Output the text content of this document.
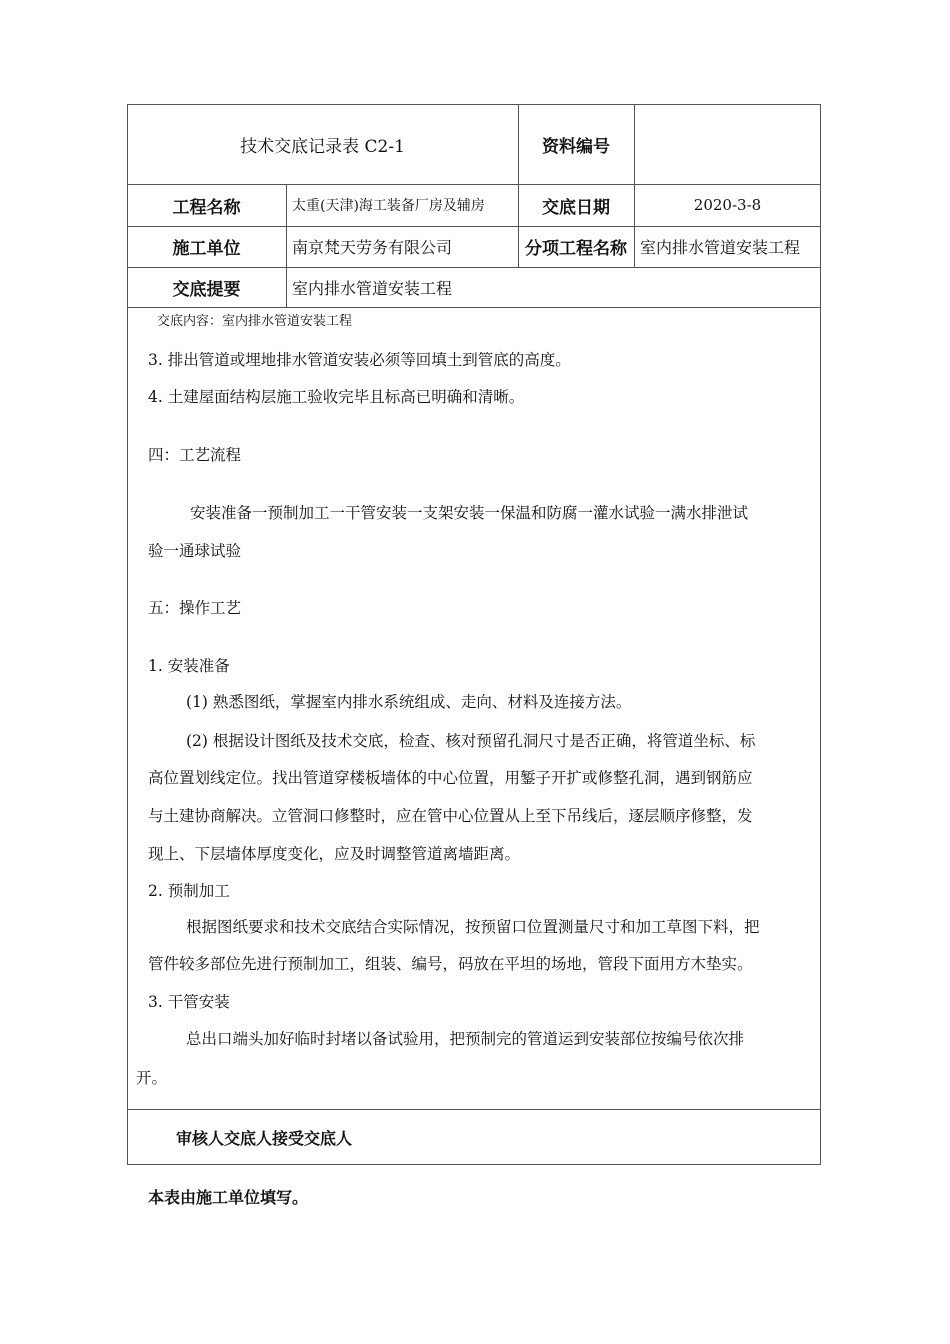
技术交底记录表 C2-1	资料编号
工程名称	太重(天津)海工装备厂房及辅房	交底日期	2020-3-8
施工单位	南京梵天劳务有限公司	分项工程名称 室内排水管道安装工程
交底提要	室内排水管道安装工程
交底内容：室内排水管道安装工程
3. 排出管道或埋地排水管道安装必须等回填土到管底的高度。
4. 土建屋面结构层施工验收完毕且标高已明确和清晰。
四：工艺流程
安装准备一预制加工一干管安装一支架安装一保温和防腐一灌水试验一满水排泄试
验一通球试验
五：操作工艺
1. 安装准备
(1) 熟悉图纸，掌握室内排水系统组成、走向、材料及连接方法。
(2) 根据设计图纸及技术交底，检查、核对预留孔洞尺寸是否正确，将管道坐标、标
高位置划线定位。找出管道穿楼板墙体的中心位置，用錾子开扩或修整孔洞，遇到钢筋应
与土建协商解决。立管洞口修整时，应在管中心位置从上至下吊线后，逐层顺序修整，发
现上、下层墙体厚度变化，应及时调整管道离墙距离。
2. 预制加工
根据图纸要求和技术交底结合实际情况，按预留口位置测量尺寸和加工草图下料，把
管件较多部位先进行预制加工，组装、编号，码放在平坦的场地，管段下面用方木垫实。
3. 干管安装
总出口端头加好临时封堵以备试验用，把预制完的管道运到安装部位按编号依次排
开。
审核人交底人接受交底人
本表由施工单位填写。
